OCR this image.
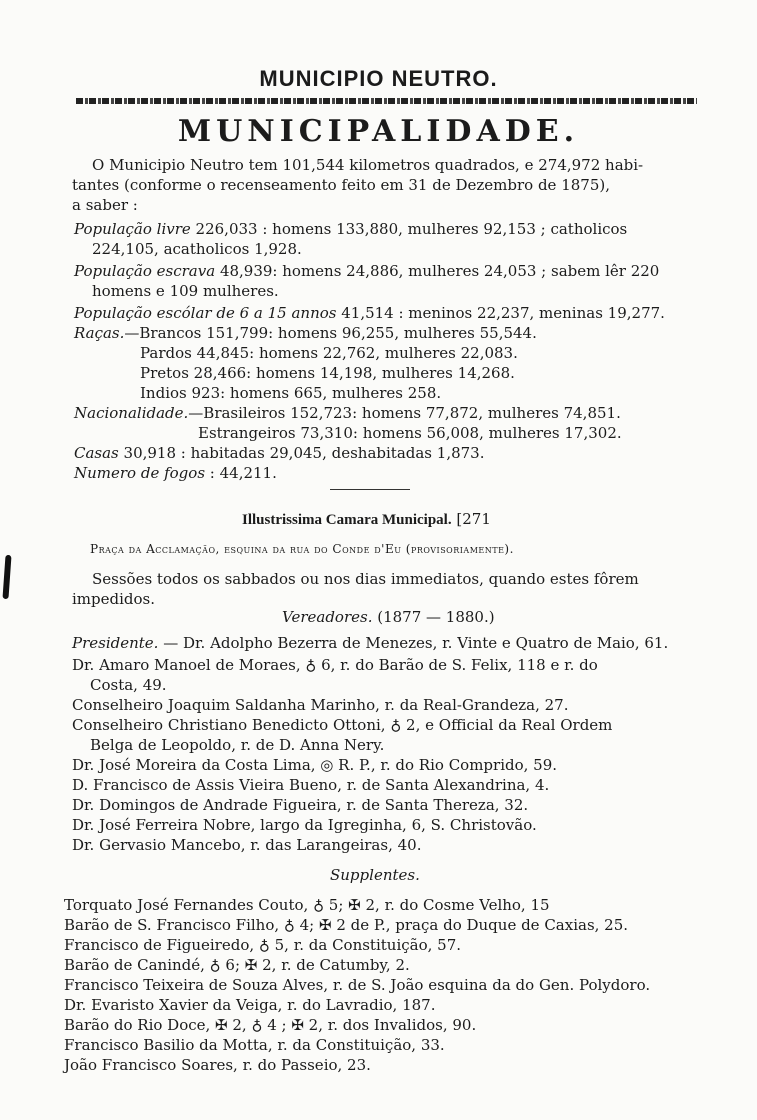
MUNICIPIO NEUTRO.
MUNICIPALIDADE.
O Municipio Neutro tem 101,544 kilometros quadrados, e 274,972 habi-
tantes (conforme o recenseamento feito em 31 de Dezembro de 1875),
a saber :
População livre 226,033 : homens 133,880, mulheres 92,153 ; catholicos
224,105, acatholicos 1,928.
População escrava 48,939: homens 24,886, mulheres 24,053 ; sabem lêr 220
homens e 109 mulheres.
População escólar de 6 a 15 annos 41,514 : meninos 22,237, meninas 19,277.
Raças.—Brancos 151,799: homens 96,255, mulheres 55,544.
Pardos 44,845: homens 22,762, mulheres 22,083.
Pretos 28,466: homens 14,198, mulheres 14,268.
Indios 923: homens 665, mulheres 258.
Nacionalidade.—Brasileiros 152,723: homens 77,872, mulheres 74,851.
Estrangeiros 73,310: homens 56,008, mulheres 17,302.
Casas 30,918 : habitadas 29,045, deshabitadas 1,873.
Numero de fogos : 44,211.
Illustrissima Camara Municipal. [271
Praça da Acclamação, esquina da rua do Conde d'Eu (provisoriamente).
Sessões todos os sabbados ou nos dias immediatos, quando estes fôrem
impedidos.
Vereadores. (1877 — 1880.)
Presidente. — Dr. Adolpho Bezerra de Menezes, r. Vinte e Quatro de Maio, 61.
Dr. Amaro Manoel de Moraes, ♁ 6, r. do Barão de S. Felix, 118 e r. do
Costa, 49.
Conselheiro Joaquim Saldanha Marinho, r. da Real-Grandeza, 27.
Conselheiro Christiano Benedicto Ottoni, ♁ 2, e Official da Real Ordem
Belga de Leopoldo, r. de D. Anna Nery.
Dr. José Moreira da Costa Lima, ◎ R. P., r. do Rio Comprido, 59.
D. Francisco de Assis Vieira Bueno, r. de Santa Alexandrina, 4.
Dr. Domingos de Andrade Figueira, r. de Santa Thereza, 32.
Dr. José Ferreira Nobre, largo da Igreginha, 6, S. Christovão.
Dr. Gervasio Mancebo, r. das Larangeiras, 40.
Supplentes.
Torquato José Fernandes Couto, ♁ 5; ✠ 2, r. do Cosme Velho, 15
Barão de S. Francisco Filho, ♁ 4; ✠ 2 de P., praça do Duque de Caxias, 25.
Francisco de Figueiredo, ♁ 5, r. da Constituição, 57.
Barão de Canindé, ♁ 6; ✠ 2, r. de Catumby, 2.
Francisco Teixeira de Souza Alves, r. de S. João esquina da do Gen. Polydoro.
Dr. Evaristo Xavier da Veiga, r. do Lavradio, 187.
Barão do Rio Doce, ✠ 2, ♁ 4 ; ✠ 2, r. dos Invalidos, 90.
Francisco Basilio da Motta, r. da Constituição, 33.
João Francisco Soares, r. do Passeio, 23.
